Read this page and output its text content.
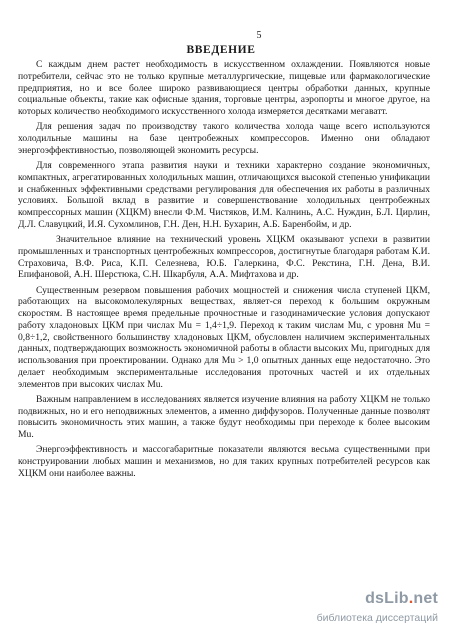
5
ВВЕДЕНИЕ

С каждым днем растет необходимость в искусственном охлаждении. Появляются новые потребители, сейчас это не только крупные металлургические, пищевые или фармакологические предприятия, но и все более широко развивающиеся центры обработки данных, крупные социальные объекты, такие как офисные здания, торговые центры, аэропорты и многое другое, на которых количество необходимого искусственного холода измеряется десятками мегаватт.

Для решения задач по производству такого количества холода чаще всего используются холодильные машины на базе центробежных компрессоров. Именно они обладают энергоэффективностью, позволяющей экономить ресурсы.

Для современного этапа развития науки и техники характерно создание экономичных, компактных, агрегатированных холодильных машин, отличающихся высокой степенью унификации и снабженных эффективными средствами регулирования для обеспечения их работы в различных условиях. Большой вклад в развитие и совершенствование холодильных центробежных компрессорных машин (ХЦКМ) внесли Ф.М. Чистяков, И.М. Калнинь, А.С. Нуждин, Б.Л. Цирлин, Д.Л. Славуцкий, И.Я. Сухомлинов, Г.Н. Ден, Н.Н. Бухарин, А.Б. Баренбойм, и др.

Значительное влияние на технический уровень ХЦКМ оказывают успехи в развитии промышленных и транспортных центробежных компрессоров, достигнутые благодаря работам К.И. Страховича, В.Ф. Риса, К.П. Селезнева, Ю.Б. Галеркина, Ф.С. Рекстина, Г.Н. Дена, В.И. Епифановой, А.Н. Шерстюка, С.Н. Шкарбуля, А.А. Мифтахова и др.

Существенным резервом повышения рабочих мощностей и снижения числа ступеней ЦКМ, работающих на высокомолекулярных веществах, являет-ся переход к большим окружным скоростям. В настоящее время предельные прочностные и газодинамические условия допускают работу хладоновых ЦКМ при числах Mu = 1,4÷1,9. Переход к таким числам Mu, с уровня Mu = 0,8÷1,2, свойственного большинству хладоновых ЦКМ, обусловлен наличием экспериментальных данных, подтверждающих возможность экономичной работы в области высоких Mu, пригодных для использования при проектировании. Однако для Mu > 1,0 опытных данных еще недостаточно. Это делает необходимым экспериментальные исследования проточных частей и их отдельных элементов при высоких числах Mu.

Важным направлением в исследованиях является изучение влияния на работу ХЦКМ не только подвижных, но и его неподвижных элементов, а именно диффузоров. Полученные данные позволят повысить экономичность этих машин, а также будут необходимы при переходе к более высоким Mu.

Энергоэффективность и массогабаритные показатели являются весьма существенными при конструировании любых машин и механизмов, но для таких крупных потребителей ресурсов как ХЦКМ они наиболее важны.

dsLib.net
библиотека диссертаций
